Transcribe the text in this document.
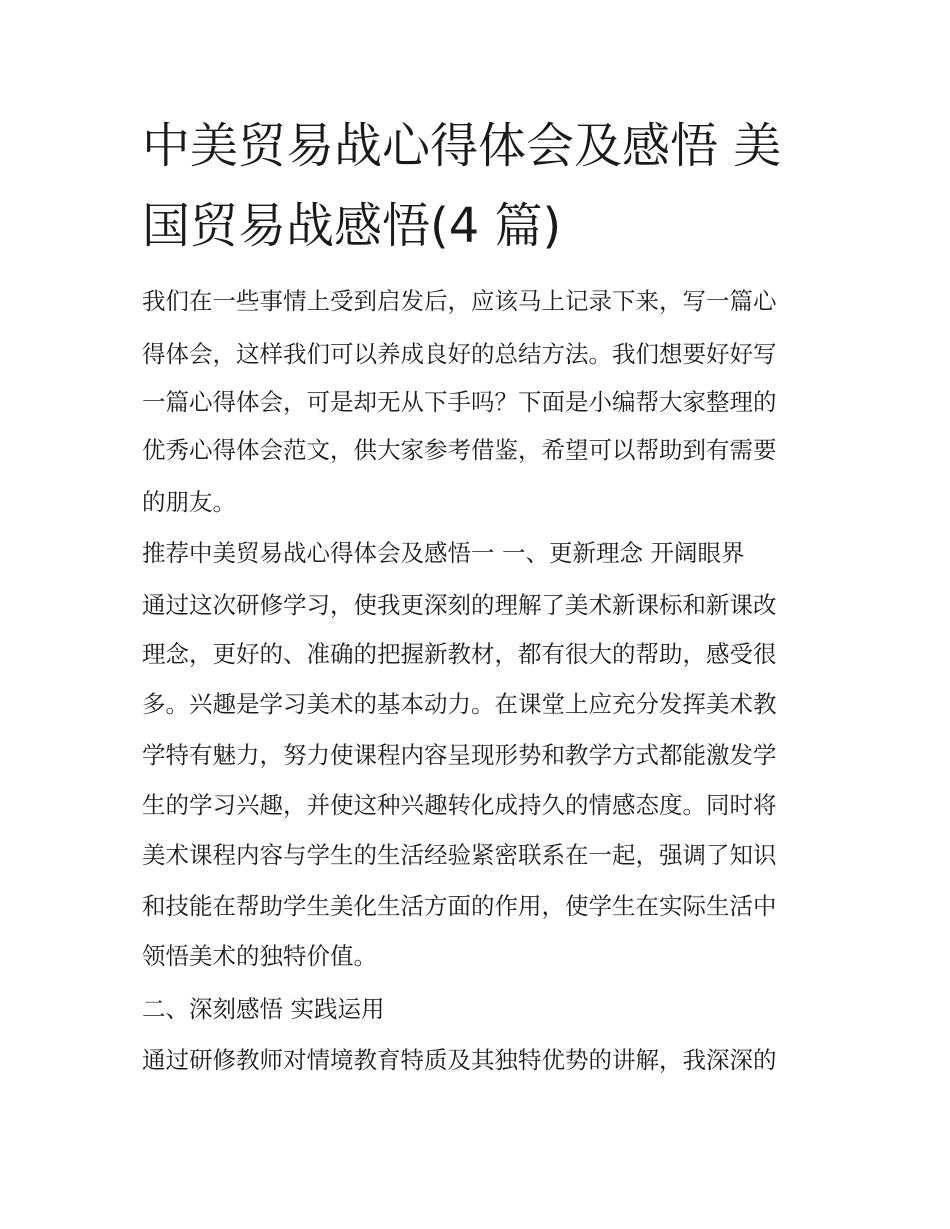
中美贸易战心得体会及感悟 美
国贸易战感悟(4 篇)

我们在一些事情上受到启发后，应该马上记录下来，写一篇心

得体会，这样我们可以养成良好的总结方法。我们想要好好写

一篇心得体会，可是却无从下手吗？下面是小编帮大家整理的

优秀心得体会范文，供大家参考借鉴，希望可以帮助到有需要

的朋友。

推荐中美贸易战心得体会及感悟一 一、更新理念 开阔眼界

通过这次研修学习，使我更深刻的理解了美术新课标和新课改

理念，更好的、准确的把握新教材，都有很大的帮助，感受很

多。兴趣是学习美术的基本动力。在课堂上应充分发挥美术教

学特有魅力，努力使课程内容呈现形势和教学方式都能激发学

生的学习兴趣，并使这种兴趣转化成持久的情感态度。同时将

美术课程内容与学生的生活经验紧密联系在一起，强调了知识

和技能在帮助学生美化生活方面的作用，使学生在实际生活中

领悟美术的独特价值。

二、深刻感悟 实践运用

通过研修教师对情境教育特质及其独特优势的讲解，我深深的
